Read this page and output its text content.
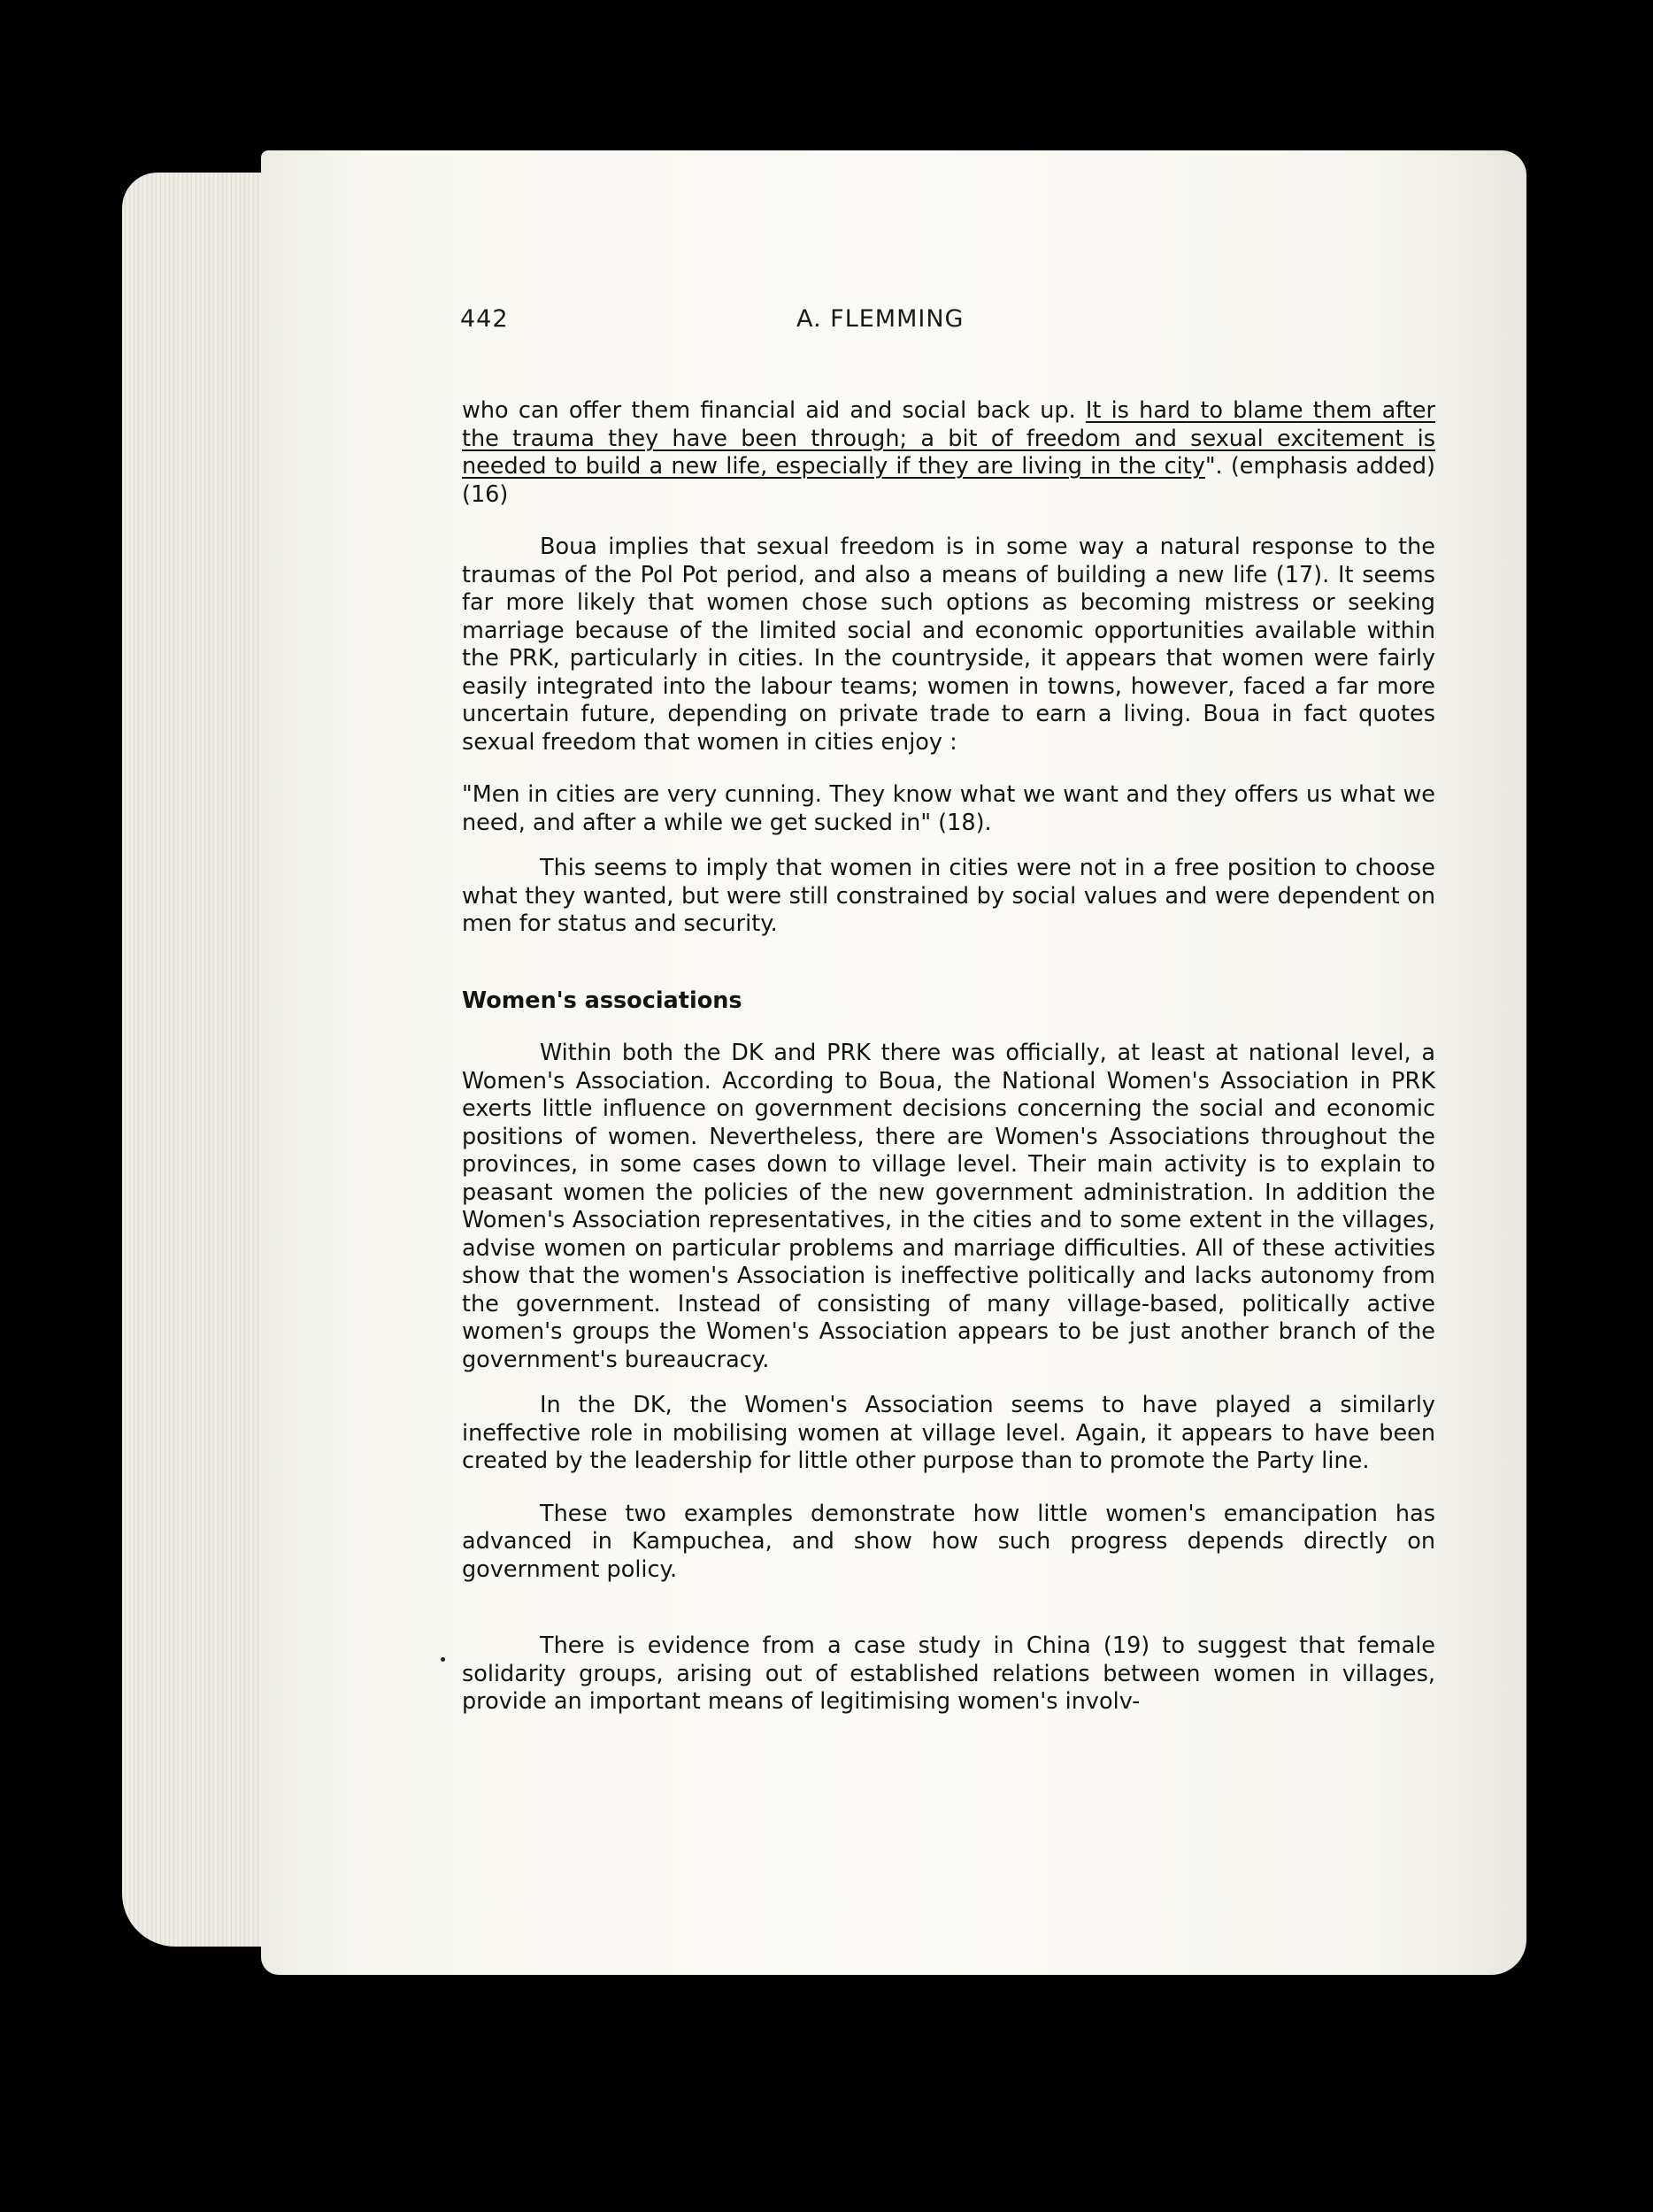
442	A. FLEMMING

who can offer them financial aid and social back up. It is hard to blame them after the trauma they have been through; a bit of freedom and sexual excitement is needed to build a new life, especially if they are living in the city". (emphasis added) (16)

Boua implies that sexual freedom is in some way a natural response to the traumas of the Pol Pot period, and also a means of building a new life (17). It seems far more likely that women chose such options as becoming mistress or seeking marriage because of the limited social and economic opportunities available within the PRK, particularly in cities. In the countryside, it appears that women were fairly easily integrated into the labour teams; women in towns, however, faced a far more uncertain future, depending on private trade to earn a living. Boua in fact quotes sexual freedom that women in cities enjoy :

"Men in cities are very cunning. They know what we want and they offers us what we need, and after a while we get sucked in" (18).

This seems to imply that women in cities were not in a free position to choose what they wanted, but were still constrained by social values and were dependent on men for status and security.

Women's associations

Within both the DK and PRK there was officially, at least at national level, a Women's Association. According to Boua, the National Women's Association in PRK exerts little influence on government decisions concerning the social and economic positions of women. Nevertheless, there are Women's Associations throughout the provinces, in some cases down to village level. Their main activity is to explain to peasant women the policies of the new government administration. In addition the Women's Association representatives, in the cities and to some extent in the villages, advise women on particular problems and marriage difficulties. All of these activities show that the women's Association is ineffective politically and lacks autonomy from the government. Instead of consisting of many village-based, politically active women's groups the Women's Association appears to be just another branch of the government's bureaucracy.

In the DK, the Women's Association seems to have played a similarly ineffective role in mobilising women at village level. Again, it appears to have been created by the leadership for little other purpose than to promote the Party line.

These two examples demonstrate how little women's emancipation has advanced in Kampuchea, and show how such progress depends directly on government policy.

There is evidence from a case study in China (19) to suggest that female solidarity groups, arising out of established relations between women in villages, provide an important means of legitimising women's involv-
